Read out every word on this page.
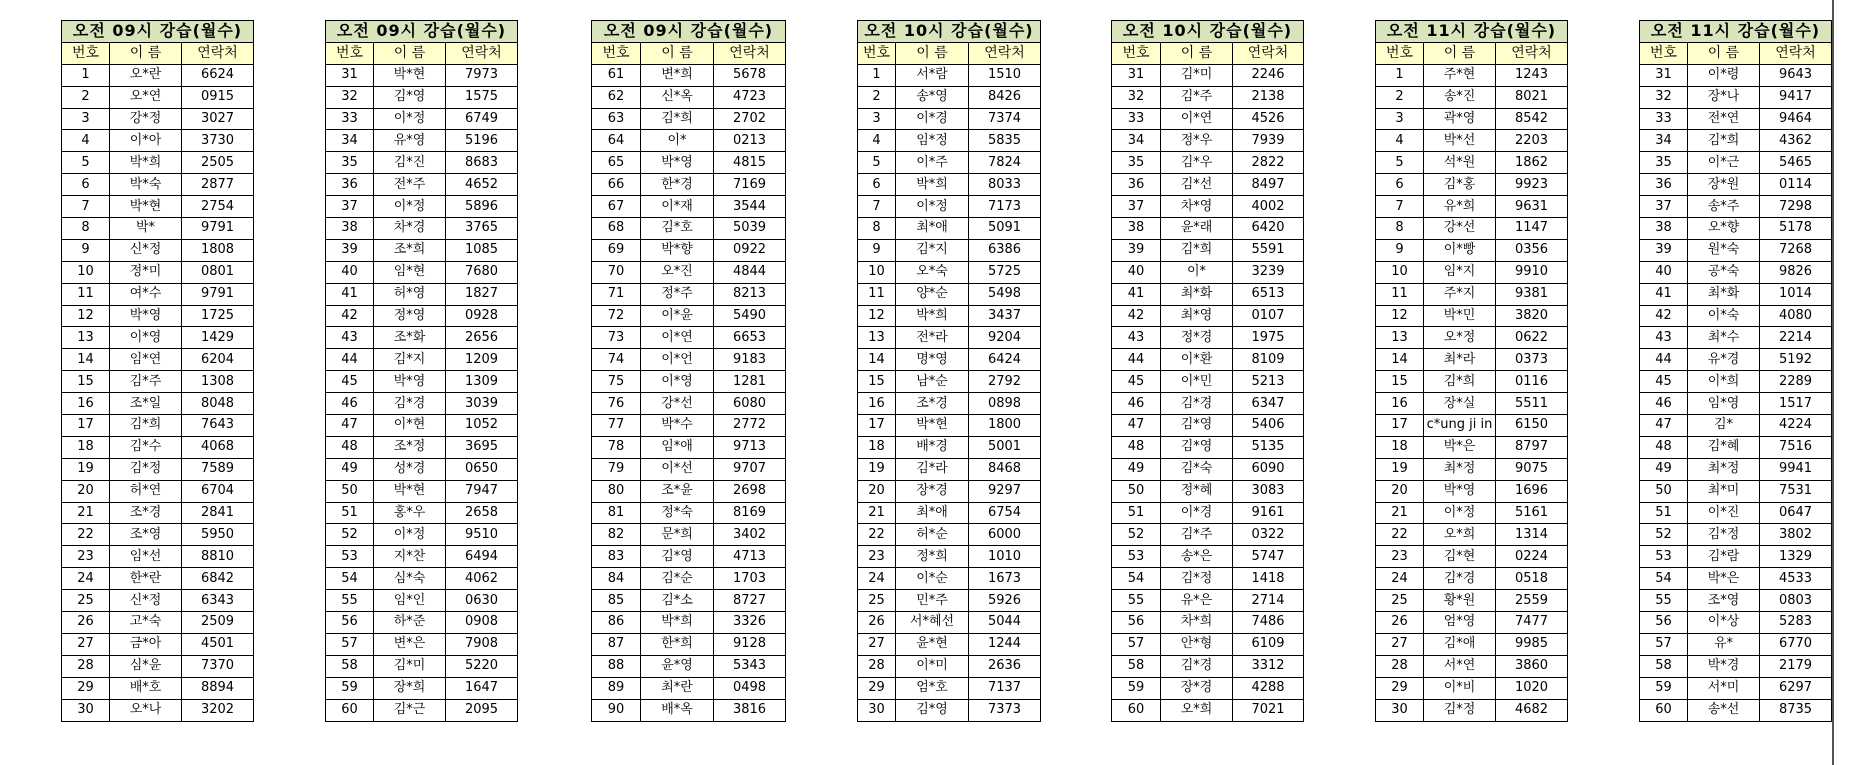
오전 09시 강습(월수)		
번호	이 름	연락처
1	오*란	6624
2	오*연	0915
3	강*정	3027
4	이*아	3730
5	박*희	2505
6	박*숙	2877
7	박*현	2754
8	박*	9791
9	신*정	1808
10	정*미	0801
11	여*수	9791
12	박*영	1725
13	이*영	1429
14	임*연	6204
15	김*주	1308
16	조*일	8048
17	김*희	7643
18	김*수	4068
19	김*정	7589
20	허*연	6704
21	조*경	2841
22	조*영	5950
23	임*선	8810
24	한*란	6842
25	신*정	6343
26	고*숙	2509
27	금*아	4501
28	심*윤	7370
29	배*호	8894
30	오*나	3202
오전 09시 강습(월수)		
번호	이 름	연락처
31	박*현	7973
32	김*영	1575
33	이*정	6749
34	유*영	5196
35	김*진	8683
36	전*주	4652
37	이*정	5896
38	차*경	3765
39	조*희	1085
40	임*현	7680
41	허*영	1827
42	정*영	0928
43	조*화	2656
44	김*지	1209
45	박*영	1309
46	김*경	3039
47	이*현	1052
48	조*정	3695
49	성*경	0650
50	박*현	7947
51	홍*우	2658
52	이*정	9510
53	지*찬	6494
54	심*숙	4062
55	임*인	0630
56	하*준	0908
57	변*은	7908
58	김*미	5220
59	장*희	1647
60	김*근	2095
오전 09시 강습(월수)		
번호	이 름	연락처
61	변*희	5678
62	신*옥	4723
63	김*희	2702
64	이*	0213
65	박*영	4815
66	한*경	7169
67	이*재	3544
68	김*호	5039
69	박*향	0922
70	오*진	4844
71	정*주	8213
72	이*윤	5490
73	이*연	6653
74	이*언	9183
75	이*영	1281
76	강*선	6080
77	박*수	2772
78	임*애	9713
79	이*선	9707
80	조*윤	2698
81	정*숙	8169
82	문*희	3402
83	김*영	4713
84	김*순	1703
85	김*소	8727
86	박*희	3326
87	한*희	9128
88	윤*영	5343
89	최*란	0498
90	배*옥	3816
오전 10시 강습(월수)		
번호	이 름	연락처
1	서*람	1510
2	송*영	8426
3	이*경	7374
4	임*정	5835
5	이*주	7824
6	박*희	8033
7	이*정	7173
8	최*애	5091
9	김*지	6386
10	오*숙	5725
11	양*순	5498
12	박*희	3437
13	전*라	9204
14	명*영	6424
15	남*순	2792
16	조*경	0898
17	박*현	1800
18	배*경	5001
19	김*라	8468
20	장*경	9297
21	최*애	6754
22	허*순	6000
23	정*희	1010
24	이*순	1673
25	민*주	5926
26	서*혜선	5044
27	윤*현	1244
28	이*미	2636
29	엄*호	7137
30	김*영	7373
오전 10시 강습(월수)		
번호	이 름	연락처
31	김*미	2246
32	김*주	2138
33	이*연	4526
34	정*우	7939
35	김*우	2822
36	김*선	8497
37	차*영	4002
38	윤*래	6420
39	김*희	5591
40	이*	3239
41	최*화	6513
42	최*영	0107
43	정*경	1975
44	이*환	8109
45	이*민	5213
46	김*경	6347
47	김*영	5406
48	김*영	5135
49	김*숙	6090
50	정*혜	3083
51	이*경	9161
52	김*주	0322
53	송*은	5747
54	김*정	1418
55	유*은	2714
56	차*희	7486
57	안*형	6109
58	김*경	3312
59	장*경	4288
60	오*희	7021
오전 11시 강습(월수)		
번호	이 름	연락처
1	주*현	1243
2	송*진	8021
3	곽*영	8542
4	박*선	2203
5	석*원	1862
6	김*홍	9923
7	유*희	9631
8	강*선	1147
9	이*빵	0356
10	임*지	9910
11	주*지	9381
12	박*민	3820
13	오*정	0622
14	최*라	0373
15	김*희	0116
16	장*실	5511
17	c*ung ji in	6150
18	박*은	8797
19	최*정	9075
20	박*영	1696
21	이*정	5161
22	오*희	1314
23	김*현	0224
24	김*경	0518
25	황*원	2559
26	엄*영	7477
27	김*애	9985
28	서*연	3860
29	이*비	1020
30	김*정	4682
오전 11시 강습(월수)		
번호	이 름	연락처
31	이*령	9643
32	장*나	9417
33	전*연	9464
34	김*희	4362
35	이*근	5465
36	장*원	0114
37	송*주	7298
38	오*향	5178
39	원*숙	7268
40	공*숙	9826
41	최*화	1014
42	이*숙	4080
43	최*수	2214
44	유*경	5192
45	이*희	2289
46	임*영	1517
47	김*	4224
48	김*혜	7516
49	최*정	9941
50	최*미	7531
51	이*진	0647
52	김*정	3802
53	김*람	1329
54	박*은	4533
55	조*영	0803
56	이*상	5283
57	유*	6770
58	박*경	2179
59	서*미	6297
60	송*선	8735
